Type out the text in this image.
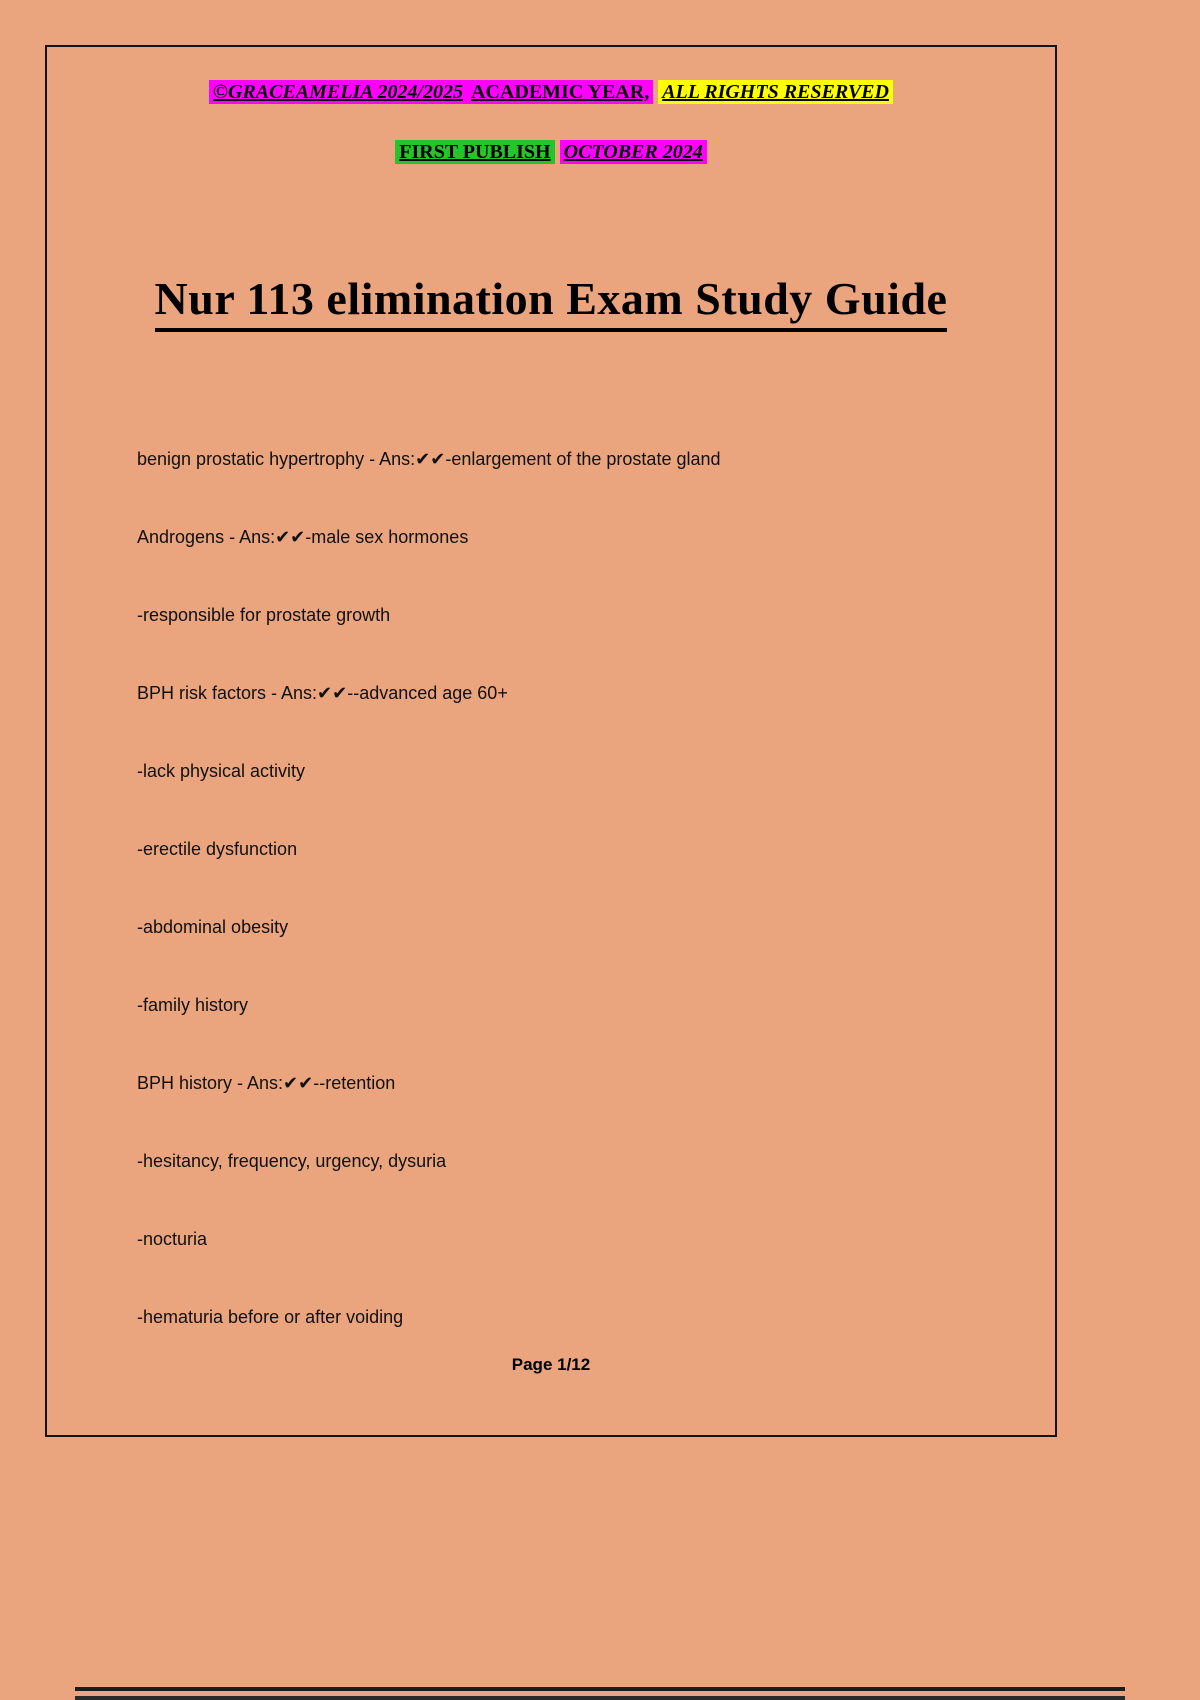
©GRACEAMELIA 2024/2025 ACADEMIC YEAR, ALL RIGHTS RESERVED
FIRST PUBLISH OCTOBER 2024
Nur 113 elimination Exam Study Guide

benign prostatic hypertrophy - Ans:✔✔-enlargement of the prostate gland

Androgens - Ans:✔✔-male sex hormones

-responsible for prostate growth

BPH risk factors - Ans:✔✔--advanced age 60+

-lack physical activity

-erectile dysfunction

-abdominal obesity

-family history

BPH history - Ans:✔✔--retention

-hesitancy, frequency, urgency, dysuria

-nocturia

-hematuria before or after voiding

Page 1/12
